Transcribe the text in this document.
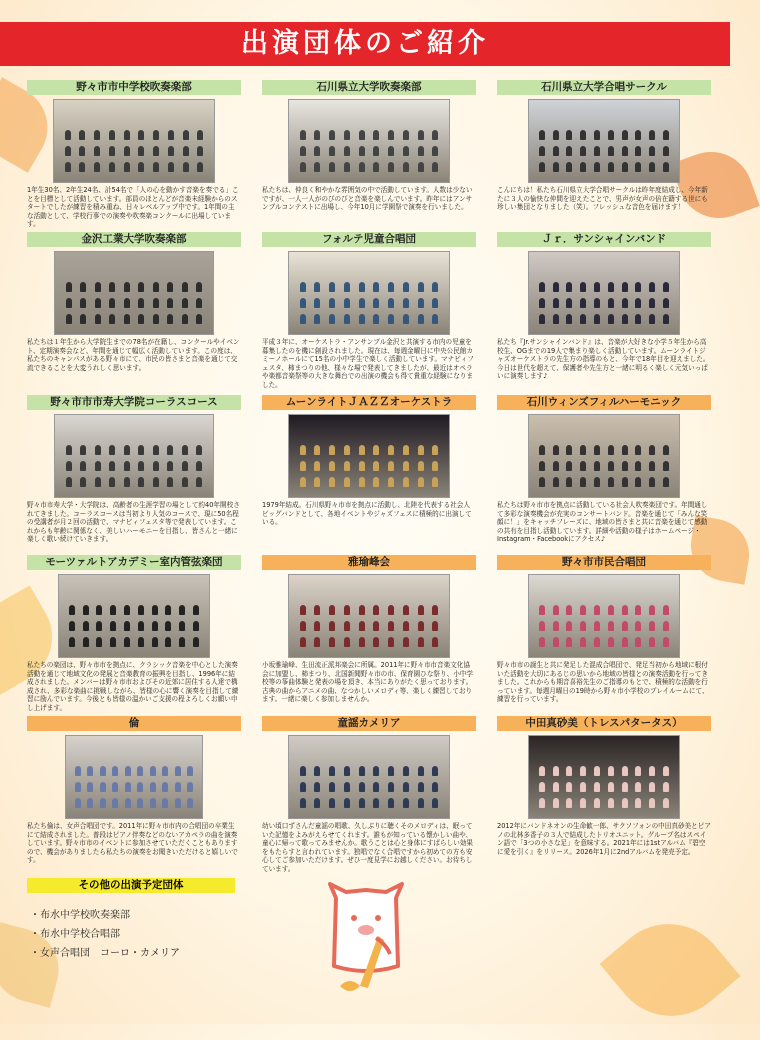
出演団体のご紹介
野々市市中学校吹奏楽部
1年生30名、2年生24名、計54名で「人の心を動かす音楽を奏でる」ことを目標として活動しています。部員のほとんどが音楽未経験からのスタートでしたが練習を積み重ね、日々レベルアップ中です。1年間の主な活動として、学校行事での演奏や吹奏楽コンクールに出場しています。
石川県立大学吹奏楽部
私たちは、仲良く和やかな雰囲気の中で活動しています。人数は少ないですが、一人一人がのびのびと音楽を楽しんでいます。昨年にはアンサンブルコンテストに出場し、今年10月に学園祭で演奏を行いました。
石川県立大学合唱サークル
こんにちは！私たち石川県立大学合唱サークルは昨年度結成し、今年新たに３人の愉快な仲間を迎えたことで、男声が女声の倍在籍する世にも珍しい集団となりました（笑）。フレッシュな音色を届けます！
金沢工業大学吹奏楽部
私たちは１年生から大学院生までの78名が在籍し、コンクールやイベント、定期演奏会など、年間を通じて幅広く活動しています。この度は、私たちのキャンパスがある野々市にて、市民の皆さまと音楽を通じて交流できることを大変うれしく思います。
フォルテ児童合唱団
平成３年に、オーケストラ・アンサンブル金沢と共演する市内の児童を募集したのを機に創設されました。現在は、毎週金曜日に中央公民館カミーノホールにて15名の小中学生で楽しく活動しています。マナビィフェスタ、柿まつりの他、様々な場で発表してきましたが、最近はオペラや楽都音楽祭等の大きな舞台での出演の機会も得て貴重な経験になりました。
Ｊｒ．サンシャインバンド
私たち『Jr.サンシャインバンド』は、音楽が大好きな小学５年生から高校生、OGまでの19人で集まり楽しく活動しています。ムーンライトジャズオーケストラの先生方の指導のもと、今年で18年目を迎えました。今日は世代を超えて、保護者や先生方と一緒に明るく楽しく元気いっぱいに演奏します♪
野々市市市寿大学院コーラスコース
野々市市寿大学・大学院は、高齢者の生涯学習の場として約40年開校されてきました。コーラスコースは当初より人気のコースで、現に50名程の受講者が月２回の活動で、マナビィフェスタ等で発表しています。これからも年齢に関係なく、美しいハーモニーを目指し、皆さんと一緒に楽しく歌い続けていきます。
ムーンライトＪＡＺＺオーケストラ
1979年結成。石川県野々市市を拠点に活動し、北陸を代表する社会人ビッグバンドとして、各地イベントやジャズフェスに積極的に出演している。
石川ウィンズフィルハーモニック
私たちは野々市市を拠点に活動している社会人吹奏楽団です。年間通して多彩な演奏機会が充実のコンサートバンド。音楽を通じて「みんな笑顔に！」をキャッチフレーズに、地域の皆さまと共に音楽を通じて感動の共有を目指し活動しています。詳細や活動の様子はホームページ・Instagram・Facebookにアクセス♪
モーツァルトアカデミー室内管弦楽団
私たちの楽団は、野々市市を拠点に、クラシック音楽を中心とした演奏活動を通じて地域文化の発展と音楽教育の振興を目指し、1996年に結成されました。メンバーは野々市市およびその近郊に居住する人達で構成され、多彩な楽曲に挑戦しながら、皆様の心に響く演奏を目指して練習に励んでいます。今後とも皆様の温かいご支援の程よろしくお願い申し上げます。
雅瑜峰会
小坂雅瑜峰、生田流正派邦楽会に所属。2011年に野々市市音楽文化協会に加盟し、柿まつり、北国新聞野々市の市、保育園ひな祭り、小中学校等の筝曲体験と発表の場を頂き、本当にありがたく思っております。古典の曲からアニメの曲、なつかしいメロディ等、楽しく練習しております。一緒に楽しく参加しませんか。
野々市市民合唱団
野々市市の誕生と共に発足した混成合唱団で、発足当初から地域に根付いた活動を大切にあるじの思いから地域の皆様との演奏活動を行ってきました。これからも期音喜裕先生のご指導のもとで、積極的な活動を行っています。毎週月曜日の19時から野々市小学校のプレイルームにて、練習を行っています。
倫
私たち倫は、女声合唱団です。2011年に野々市市内の合唱団の卒業生にて結成されました。普段はピアノ伴奏などのないアカペラの曲を演奏しています。野々市市のイベントに参加させていただくこともありますので、機会がありましたら私たちの演奏をお聞きいただけると嬉しいです。
童謡カメリア
幼い頃口ずさんだ童謡の唱歌、久しぶりに聴くそのメロディは、眠っていた記憶をよみがえらせてくれます。誰もが知っている懐かしい曲や、童心に帰って歌ってみませんか。歌うことは心と身体にすばらしい効果をもたらすと言われています。独唱でなく合唱ですから初めての方も安心してご参加いただけます。ぜひ一度見学にお越しください。お待ちしています。
中田真砂美（トレスパタータス）
2012年にバンドネオンの生命歓一郎、サクソフォンの中田真砂美とピアノの北林多香子の３人で結成したトリオユニット。グループ名はスペイン語で「3つの小さな足」を意味する。2021年には1stアルバム『碧空に愛を引く』をリリース。2026年1月に2ndアルバムを発売予定。
その他の出演予定団体
・布水中学校吹奏楽部
・布水中学校合唱部
・女声合唱団　コーロ・カメリア
